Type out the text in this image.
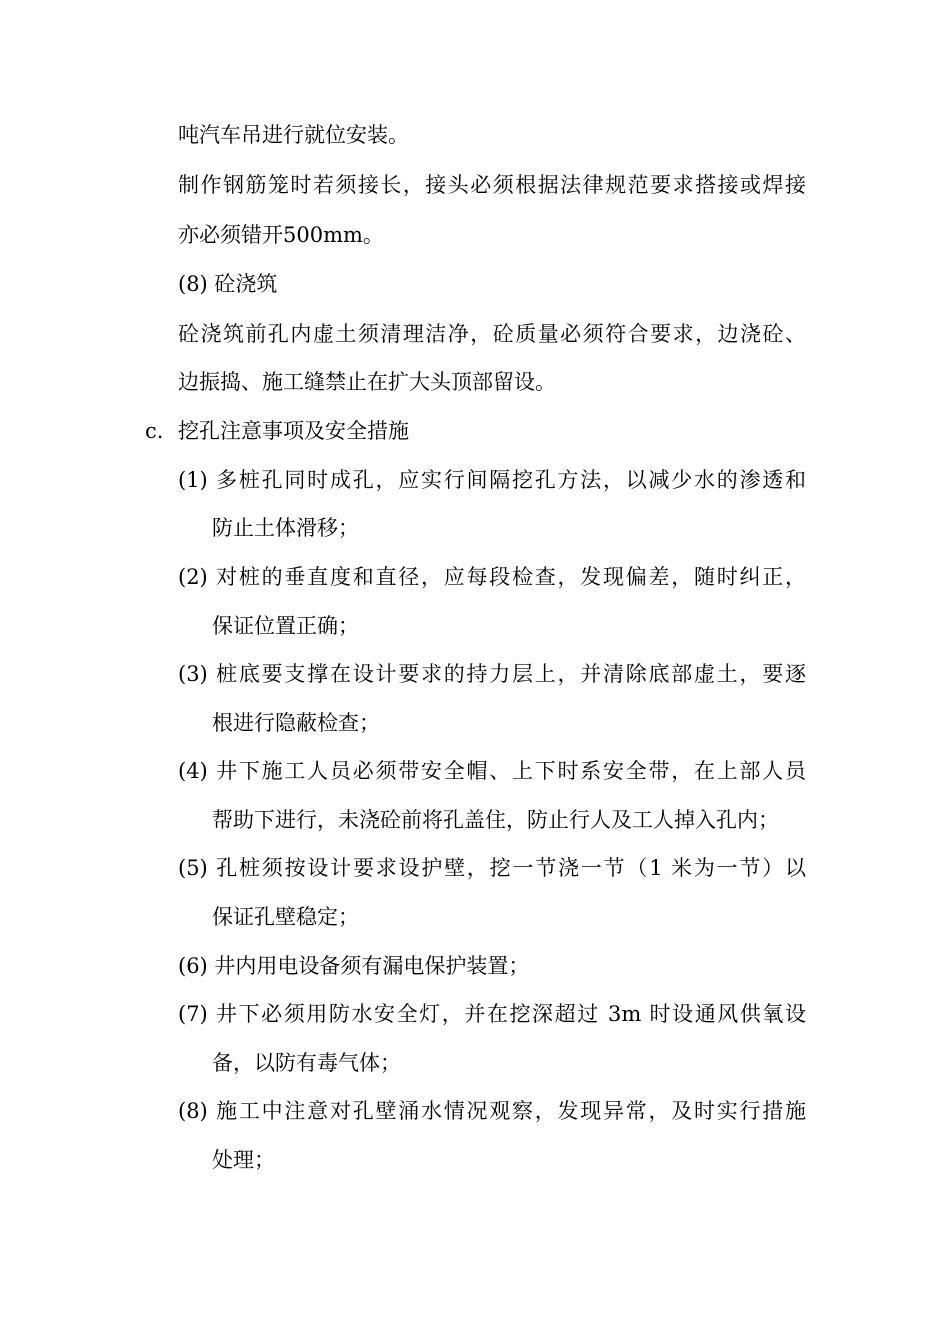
吨汽车吊进行就位安装。
制作钢筋笼时若须接长，接头必须根据法律规范要求搭接或焊接
亦必须错开500mm。
(8) 砼浇筑
砼浇筑前孔内虚土须清理洁净，砼质量必须符合要求，边浇砼、
边振捣、施工缝禁止在扩大头顶部留设。
c. 挖孔注意事项及安全措施
(1) 多桩孔同时成孔，应实行间隔挖孔方法，以减少水的渗透和
防止土体滑移；
(2) 对桩的垂直度和直径，应每段检查，发现偏差，随时纠正，
保证位置正确；
(3) 桩底要支撑在设计要求的持力层上，并清除底部虚土，要逐
根进行隐蔽检查；
(4) 井下施工人员必须带安全帽、上下时系安全带，在上部人员
帮助下进行，未浇砼前将孔盖住，防止行人及工人掉入孔内；
(5) 孔桩须按设计要求设护壁，挖一节浇一节（1 米为一节）以
保证孔壁稳定；
(6) 井内用电设备须有漏电保护装置；
(7) 井下必须用防水安全灯，并在挖深超过 3m 时设通风供氧设
备，以防有毒气体；
(8) 施工中注意对孔壁涌水情况观察，发现异常，及时实行措施
处理；
